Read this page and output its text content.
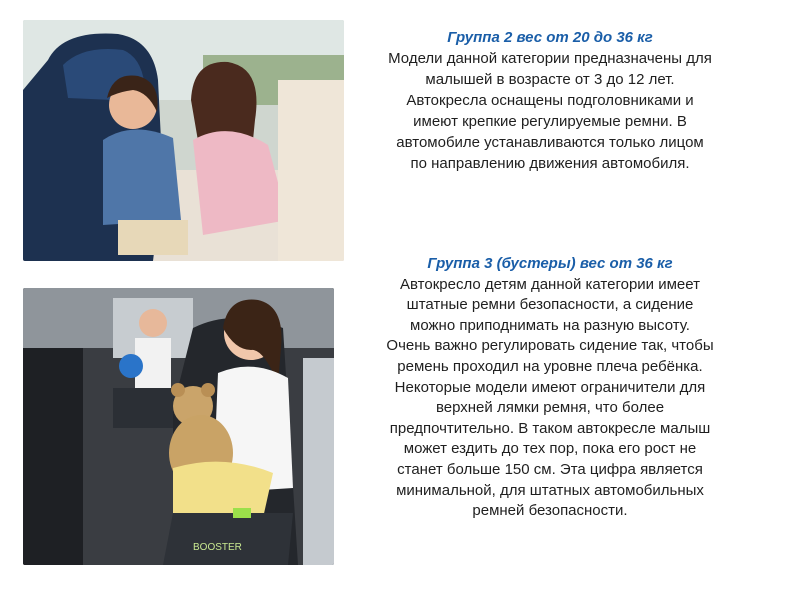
BOOSTER
Группа 2 вес от 20 до 36 кг
Модели данной категории предназначены для
малышей в возрасте от 3 до 12 лет.
Автокресла оснащены подголовниками и
имеют крепкие регулируемые ремни. В
автомобиле устанавливаются только лицом
по направлению движения автомобиля.
Группа 3 (бустеры) вес от 36 кг
Автокресло детям данной категории имеет
штатные ремни безопасности, а сидение
можно приподнимать на разную высоту.
Очень важно регулировать сидение так, чтобы
ремень проходил на уровне плеча ребёнка.
Некоторые модели имеют ограничители для
верхней лямки ремня, что более
предпочтительно. В таком автокресле малыш
может ездить до тех пор, пока его рост не
станет больше 150 см. Эта цифра является
минимальной, для штатных автомобильных
ремней безопасности.
